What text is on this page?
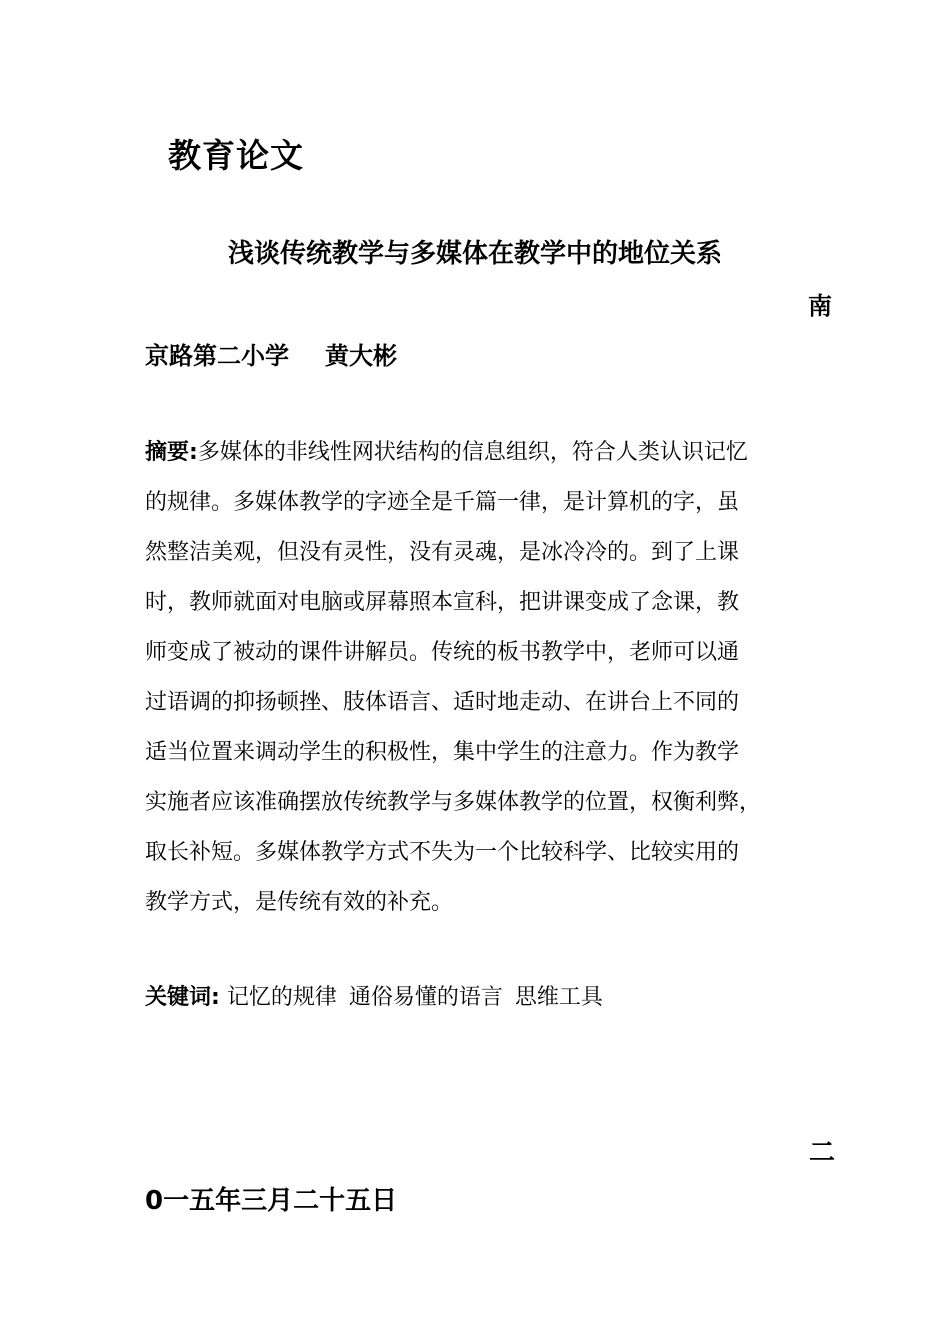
教育论文
浅谈传统教学与多媒体在教学中的地位关系
南
京路第二小学 黄大彬
摘要:多媒体的非线性网状结构的信息组织，符合人类认识记忆
的规律。多媒体教学的字迹全是千篇一律，是计算机的字，虽
然整洁美观，但没有灵性，没有灵魂，是冰冷冷的。到了上课
时，教师就面对电脑或屏幕照本宣科，把讲课变成了念课，教
师变成了被动的课件讲解员。传统的板书教学中，老师可以通
过语调的抑扬顿挫、肢体语言、适时地走动、在讲台上不同的
适当位置来调动学生的积极性，集中学生的注意力。作为教学
实施者应该准确摆放传统教学与多媒体教学的位置，权衡利弊，
取长补短。多媒体教学方式不失为一个比较科学、比较实用的
教学方式，是传统有效的补充。
关键词: 记忆的规律 通俗易懂的语言 思维工具
二
0一五年三月二十五日
